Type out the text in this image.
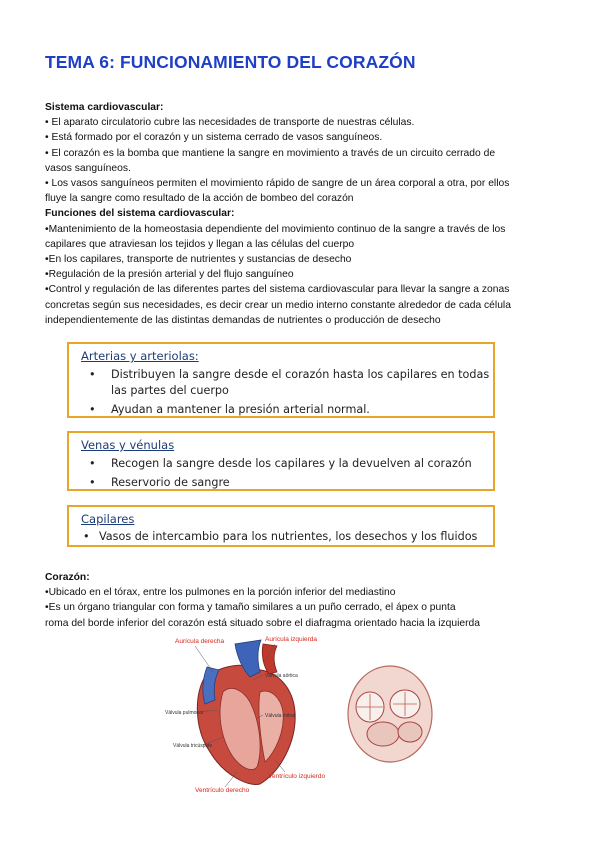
TEMA 6: FUNCIONAMIENTO DEL CORAZÓN

Sistema cardiovascular:

• El aparato circulatorio cubre las necesidades de transporte de nuestras células.

• Está formado por el corazón y un sistema cerrado de vasos sanguíneos.

• El corazón es la bomba que mantiene la sangre en movimiento a través de un circuito cerrado de

vasos sanguíneos.

• Los vasos sanguíneos permiten el movimiento rápido de sangre de un área corporal a otra, por ellos

fluye la sangre como resultado de la acción de bombeo del corazón

Funciones del sistema cardiovascular:

•Mantenimiento de la homeostasia dependiente del movimiento continuo de la sangre a través de los

capilares que atraviesan los tejidos y llegan a las células del cuerpo

•En los capilares, transporte de nutrientes y sustancias de desecho

•Regulación de la presión arterial y del flujo sanguíneo

•Control y regulación de las diferentes partes del sistema cardiovascular para llevar la sangre a zonas

concretas según sus necesidades, es decir crear un medio interno constante alrededor de cada célula

independientemente de las distintas demandas de nutrientes o producción de desecho

Arterias y arteriolas:

• Distribuyen la sangre desde el corazón hasta los capilares en todas las partes del cuerpo
• Ayudan a mantener la presión arterial normal.

Venas y vénulas

• Recogen la sangre desde los capilares y la devuelven al corazón
• Reservorio de sangre

Capilares

• Vasos de intercambio para los nutrientes, los desechos y los fluidos

Corazón:

•Ubicado en el tórax, entre los pulmones en la porción inferior del mediastino

•Es un órgano triangular con forma y tamaño similares a un puño cerrado, el ápex o punta

roma del borde inferior del corazón está situado sobre el diafragma orientado hacia la izquierda

Aurícula derecha	Aurícula izquierda
Ventrículo izquierdo
Ventrículo derecho
Válvula aórtica
Válvula mitral
Válvula pulmonar
Válvula tricúspide
